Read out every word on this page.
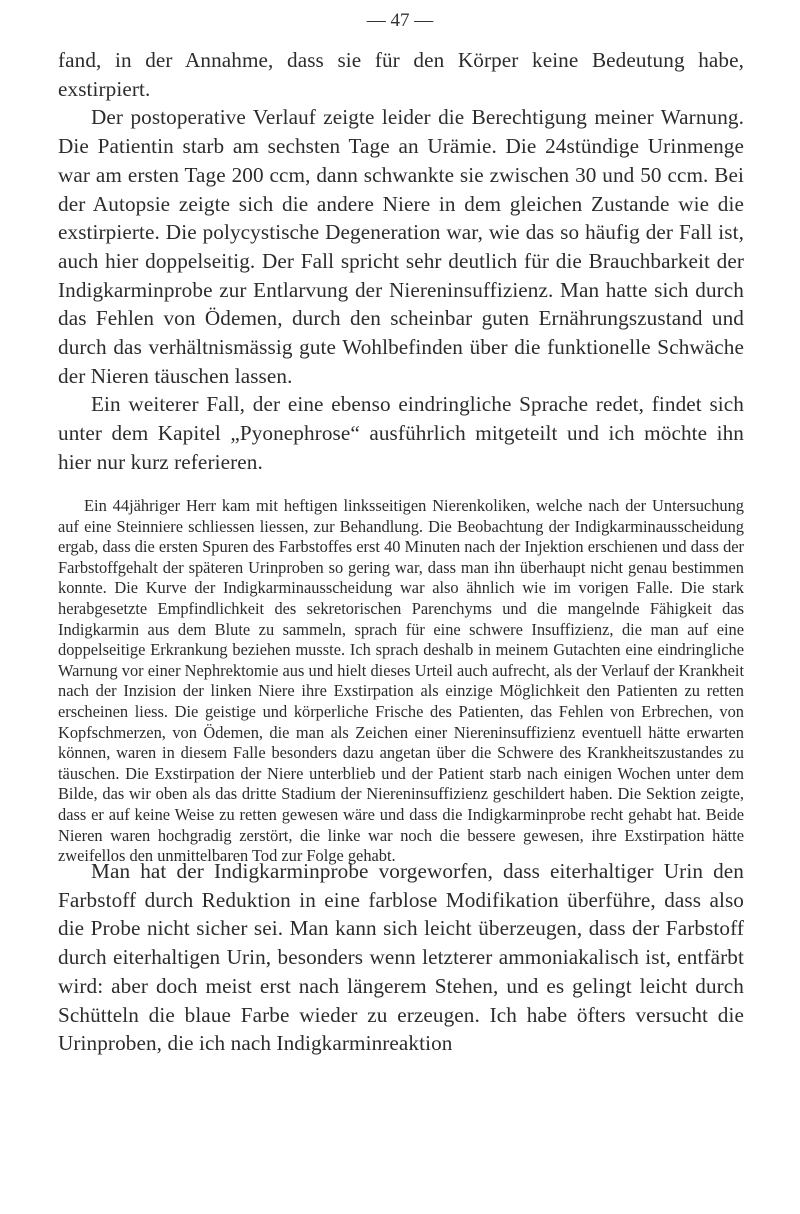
— 47 —
fand, in der Annahme, dass sie für den Körper keine Bedeutung habe, exstirpiert.
Der postoperative Verlauf zeigte leider die Berechtigung meiner Warnung. Die Patientin starb am sechsten Tage an Urämie. Die 24stündige Urinmenge war am ersten Tage 200 ccm, dann schwankte sie zwischen 30 und 50 ccm. Bei der Autopsie zeigte sich die andere Niere in dem gleichen Zustande wie die exstirpierte. Die polycystische Degeneration war, wie das so häufig der Fall ist, auch hier doppelseitig. Der Fall spricht sehr deutlich für die Brauchbarkeit der Indigkarminprobe zur Entlarvung der Niereninsuffizienz. Man hatte sich durch das Fehlen von Ödemen, durch den scheinbar guten Ernährungszustand und durch das verhältnismässig gute Wohlbefinden über die funktionelle Schwäche der Nieren täuschen lassen.
Ein weiterer Fall, der eine ebenso eindringliche Sprache redet, findet sich unter dem Kapitel „Pyonephrose“ ausführlich mitgeteilt und ich möchte ihn hier nur kurz referieren.
Ein 44jähriger Herr kam mit heftigen linksseitigen Nierenkoliken, welche nach der Untersuchung auf eine Steinniere schliessen liessen, zur Behandlung. Die Beobachtung der Indigkarminausscheidung ergab, dass die ersten Spuren des Farbstoffes erst 40 Minuten nach der Injektion erschienen und dass der Farbstoffgehalt der späteren Urinproben so gering war, dass man ihn überhaupt nicht genau bestimmen konnte. Die Kurve der Indigkarminausscheidung war also ähnlich wie im vorigen Falle. Die stark herabgesetzte Empfindlichkeit des sekretorischen Parenchyms und die mangelnde Fähigkeit das Indigkarmin aus dem Blute zu sammeln, sprach für eine schwere Insuffizienz, die man auf eine doppelseitige Erkrankung beziehen musste. Ich sprach deshalb in meinem Gutachten eine eindringliche Warnung vor einer Nephrektomie aus und hielt dieses Urteil auch aufrecht, als der Verlauf der Krankheit nach der Inzision der linken Niere ihre Exstirpation als einzige Möglichkeit den Patienten zu retten erscheinen liess. Die geistige und körperliche Frische des Patienten, das Fehlen von Erbrechen, von Kopfschmerzen, von Ödemen, die man als Zeichen einer Niereninsuffizienz eventuell hätte erwarten können, waren in diesem Falle besonders dazu angetan über die Schwere des Krankheitszustandes zu täuschen. Die Exstirpation der Niere unterblieb und der Patient starb nach einigen Wochen unter dem Bilde, das wir oben als das dritte Stadium der Niereninsuffizienz geschildert haben. Die Sektion zeigte, dass er auf keine Weise zu retten gewesen wäre und dass die Indigkarminprobe recht gehabt hat. Beide Nieren waren hochgradig zerstört, die linke war noch die bessere gewesen, ihre Exstirpation hätte zweifellos den unmittelbaren Tod zur Folge gehabt.
Man hat der Indigkarminprobe vorgeworfen, dass eiterhaltiger Urin den Farbstoff durch Reduktion in eine farblose Modifikation überführe, dass also die Probe nicht sicher sei. Man kann sich leicht überzeugen, dass der Farbstoff durch eiterhaltigen Urin, besonders wenn letzterer ammoniakalisch ist, entfärbt wird: aber doch meist erst nach längerem Stehen, und es gelingt leicht durch Schütteln die blaue Farbe wieder zu erzeugen. Ich habe öfters versucht die Urinproben, die ich nach Indigkarminreaktion
